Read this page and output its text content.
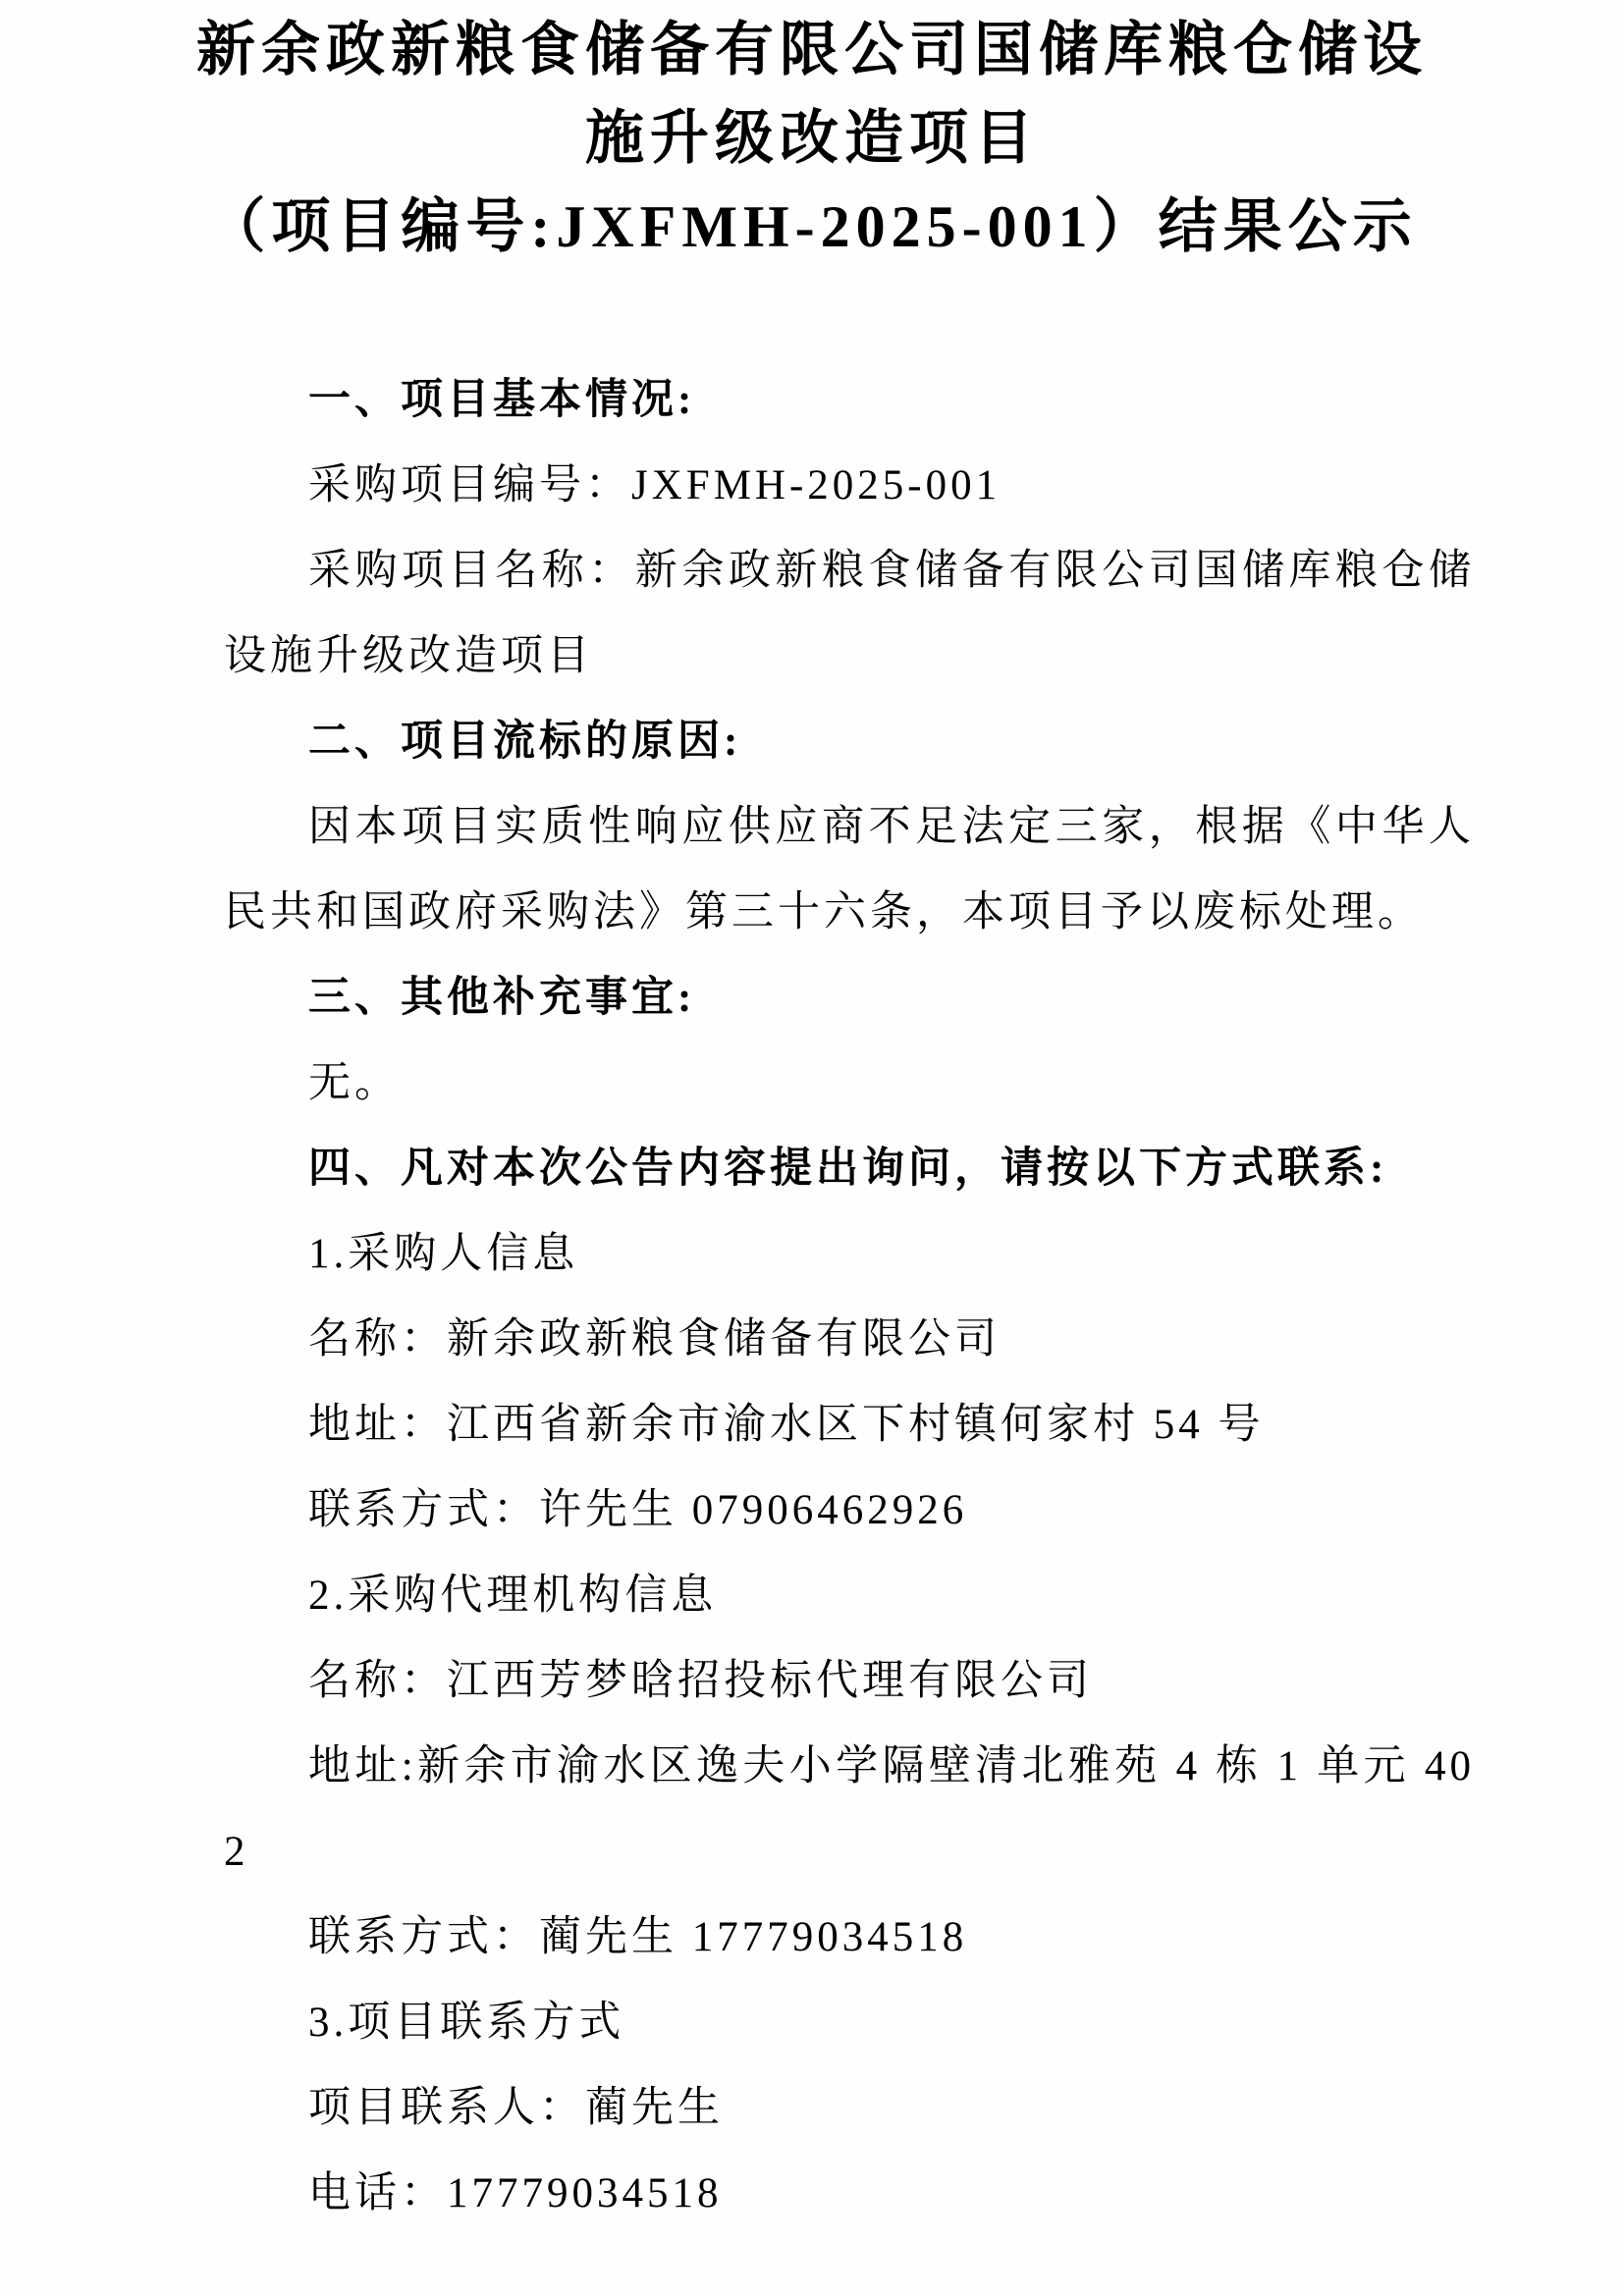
新余政新粮食储备有限公司国储库粮仓储设
施升级改造项目
（项目编号:JXFMH-2025-001）结果公示

一、项目基本情况:

采购项目编号：JXFMH-2025-001

采购项目名称：新余政新粮食储备有限公司国储库粮仓储设施升级改造项目

二、项目流标的原因:

因本项目实质性响应供应商不足法定三家，根据《中华人民共和国政府采购法》第三十六条，本项目予以废标处理。

三、其他补充事宜:

无。

四、凡对本次公告内容提出询问，请按以下方式联系:

1.采购人信息

名称：新余政新粮食储备有限公司

地址：江西省新余市渝水区下村镇何家村 54 号

联系方式：许先生 07906462926

2.采购代理机构信息

名称：江西芳梦晗招投标代理有限公司

地址:新余市渝水区逸夫小学隔壁清北雅苑 4 栋 1 单元 402

联系方式：蔺先生 17779034518

3.项目联系方式

项目联系人：蔺先生

电话：17779034518
